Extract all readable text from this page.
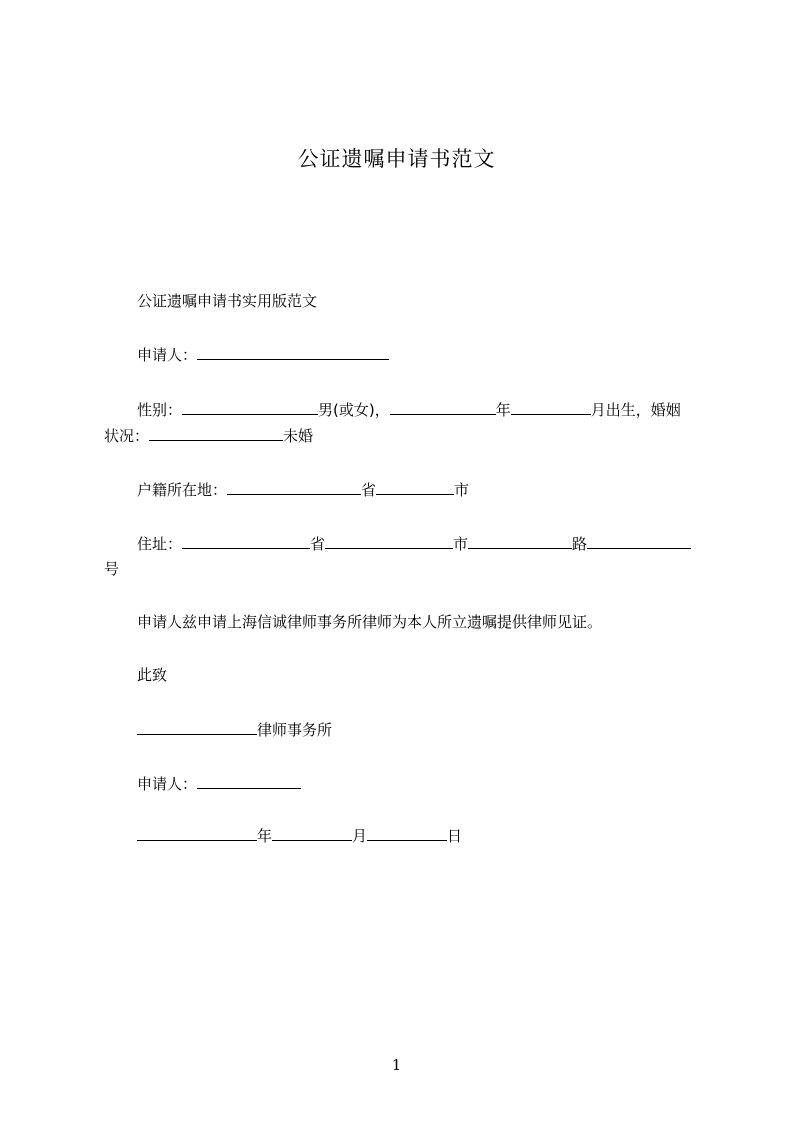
公证遗嘱申请书范文
公证遗嘱申请书实用版范文
申请人：
性别：	男(或女)，	年	月出生，婚姻
状况：	未婚
户籍所在地：	省	市
住址：	省	市	路
号
申请人兹申请上海信诚律师事务所律师为本人所立遗嘱提供律师见证。
此致
律师事务所
申请人：
年	月	日
1
